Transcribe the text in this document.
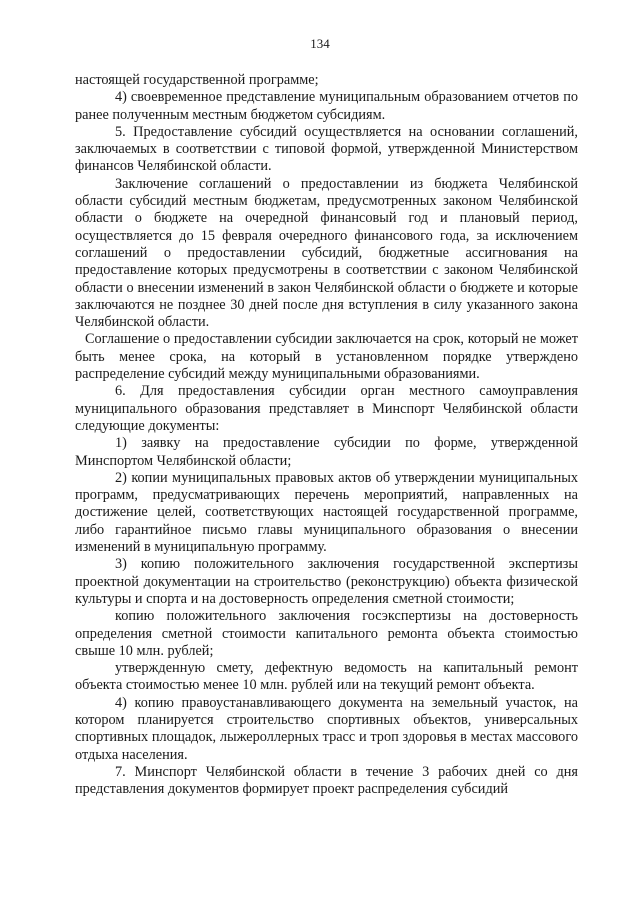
134

настоящей государственной программе;

4) своевременное представление муниципальным образованием отчетов по ранее полученным местным бюджетом субсидиям.

5. Предоставление субсидий осуществляется на основании соглашений, заключаемых в соответствии с типовой формой, утвержденной Министерством финансов Челябинской области.

Заключение соглашений о предоставлении из бюджета Челябинской области субсидий местным бюджетам, предусмотренных законом Челябинской области о бюджете на очередной финансовый год и плановый период, осуществляется до 15 февраля очередного финансового года, за исключением соглашений о предоставлении субсидий, бюджетные ассигнования на предоставление которых предусмотрены в соответствии с законом Челябинской области о внесении изменений в закон Челябинской области о бюджете и которые заключаются не позднее 30 дней после дня вступления в силу указанного закона Челябинской области.

Соглашение о предоставлении субсидии заключается на срок, который не может быть менее срока, на который в установленном порядке утверждено распределение субсидий между муниципальными образованиями.

6. Для предоставления субсидии орган местного самоуправления муниципального образования представляет в Минспорт Челябинской области следующие документы:

1) заявку на предоставление субсидии по форме, утвержденной Минспортом Челябинской области;

2) копии муниципальных правовых актов об утверждении муниципальных программ, предусматривающих перечень мероприятий, направленных на достижение целей, соответствующих настоящей государственной программе, либо гарантийное письмо главы муниципального образования о внесении изменений в муниципальную программу.

3) копию положительного заключения государственной экспертизы проектной документации на строительство (реконструкцию) объекта физической культуры и спорта и на достоверность определения сметной стоимости;

копию положительного заключения госэкспертизы на достоверность определения сметной стоимости капитального ремонта объекта стоимостью свыше 10 млн. рублей;

утвержденную смету, дефектную ведомость на капитальный ремонт объекта стоимостью менее 10 млн. рублей или на текущий ремонт объекта.

4) копию правоустанавливающего документа на земельный участок, на котором планируется строительство спортивных объектов, универсальных спортивных площадок, лыжероллерных трасс и троп здоровья в местах массового отдыха населения.

7. Минспорт Челябинской области в течение 3 рабочих дней со дня представления документов формирует проект распределения субсидий
